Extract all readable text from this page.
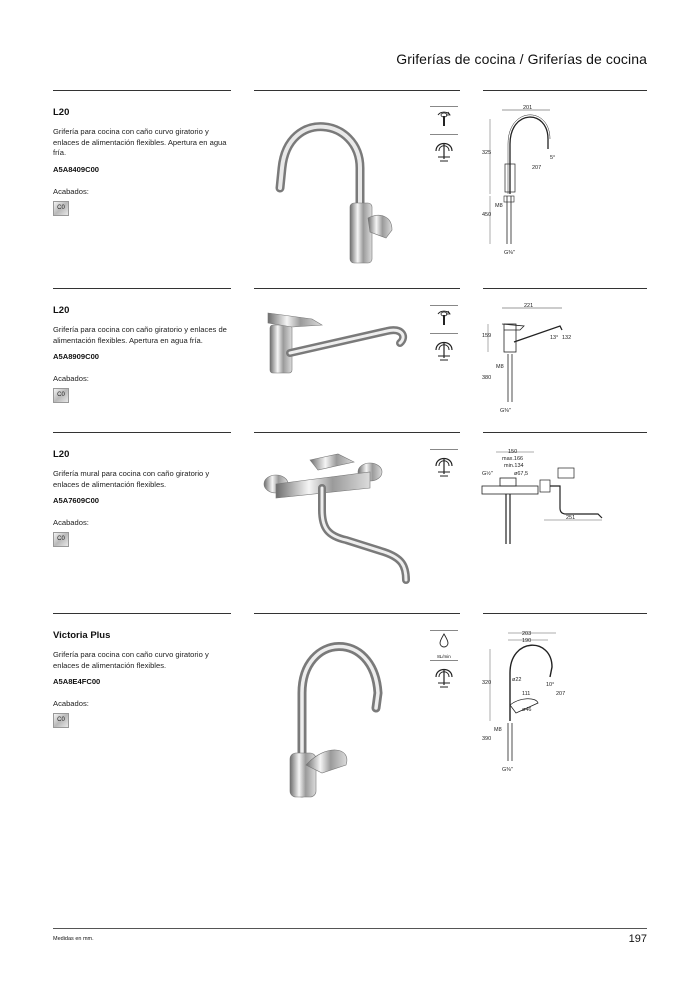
Griferías de cocina / Griferías de cocina
L20
Grifería para cocina con caño curvo giratorio y enlaces de alimentación flexibles. Apertura en agua fría.
A5A8409C00
Acabados:
C0
201
325
207
5°
M8
450
G⅜"
L20
Grifería para cocina con caño giratorio y enlaces de alimentación flexibles. Apertura en agua fría.
A5A8909C00
Acabados:
C0
221
159	13° 132
M8
380
G⅜"
L20
Grifería mural para cocina con caño giratorio y enlaces de alimentación flexibles.
A5A7609C00
Acabados:
C0
150
max.166
min.134
G½"	ø67,5
251
Victoria Plus
Grifería para cocina con caño curvo giratorio y enlaces de alimentación flexibles.
A5A8E4FC00
Acabados:
C0
8L/min
203
190
320	ø22
10°
207
111
ø46
M8
390
G⅜"
Medidas en mm.	197
